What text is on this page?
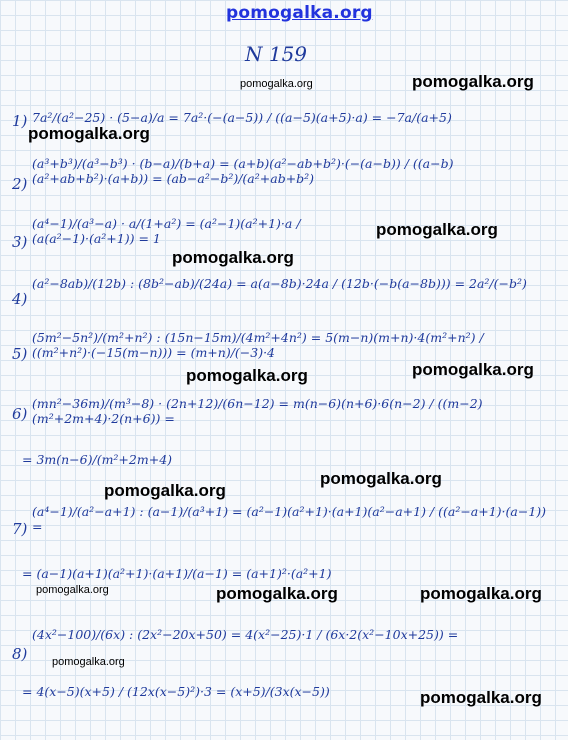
pomogalka.org
N 159
1) 7a²/(a²−25) · (5−a)/a = 7a²·(−(a−5)) / ((a−5)(a+5)·a) = −7a/(a+5)
2)
(a³+b³)/(a³−b³) · (b−a)/(b+a) = (a+b)(a²−ab+b²)·(−(a−b)) / ((a−b)(a²+ab+b²)·(a+b)) = (ab−a²−b²)/(a²+ab+b²)
3)
(a⁴−1)/(a³−a) · a/(1+a²) = (a²−1)(a²+1)·a / (a(a²−1)·(a²+1)) = 1
4)
(a²−8ab)/(12b) : (8b²−ab)/(24a) = a(a−8b)·24a / (12b·(−b(a−8b))) = 2a²/(−b²)
5)
(5m²−5n²)/(m²+n²) : (15n−15m)/(4m²+4n²) = 5(m−n)(m+n)·4(m²+n²) / ((m²+n²)·(−15(m−n))) = (m+n)/(−3)·4
6)
(mn²−36m)/(m³−8) · (2n+12)/(6n−12) = m(n−6)(n+6)·6(n−2) / ((m−2)(m²+2m+4)·2(n+6)) =
= 3m(n−6)/(m²+2m+4)
7)
(a⁴−1)/(a²−a+1) : (a−1)/(a³+1) = (a²−1)(a²+1)·(a+1)(a²−a+1) / ((a²−a+1)·(a−1)) =
= (a−1)(a+1)(a²+1)·(a+1)/(a−1) = (a+1)²·(a²+1)
8)
(4x²−100)/(6x) : (2x²−20x+50) = 4(x²−25)·1 / (6x·2(x²−10x+25)) =
= 4(x−5)(x+5) / (12x(x−5)²)·3 = (x+5)/(3x(x−5))
pomogalka.org	pomogalka.org
pomogalka.org
pomogalka.org
pomogalka.org
pomogalka.org	pomogalka.org
pomogalka.org
pomogalka.org
pomogalka.org	pomogalka.org	pomogalka.org
pomogalka.org
pomogalka.org
